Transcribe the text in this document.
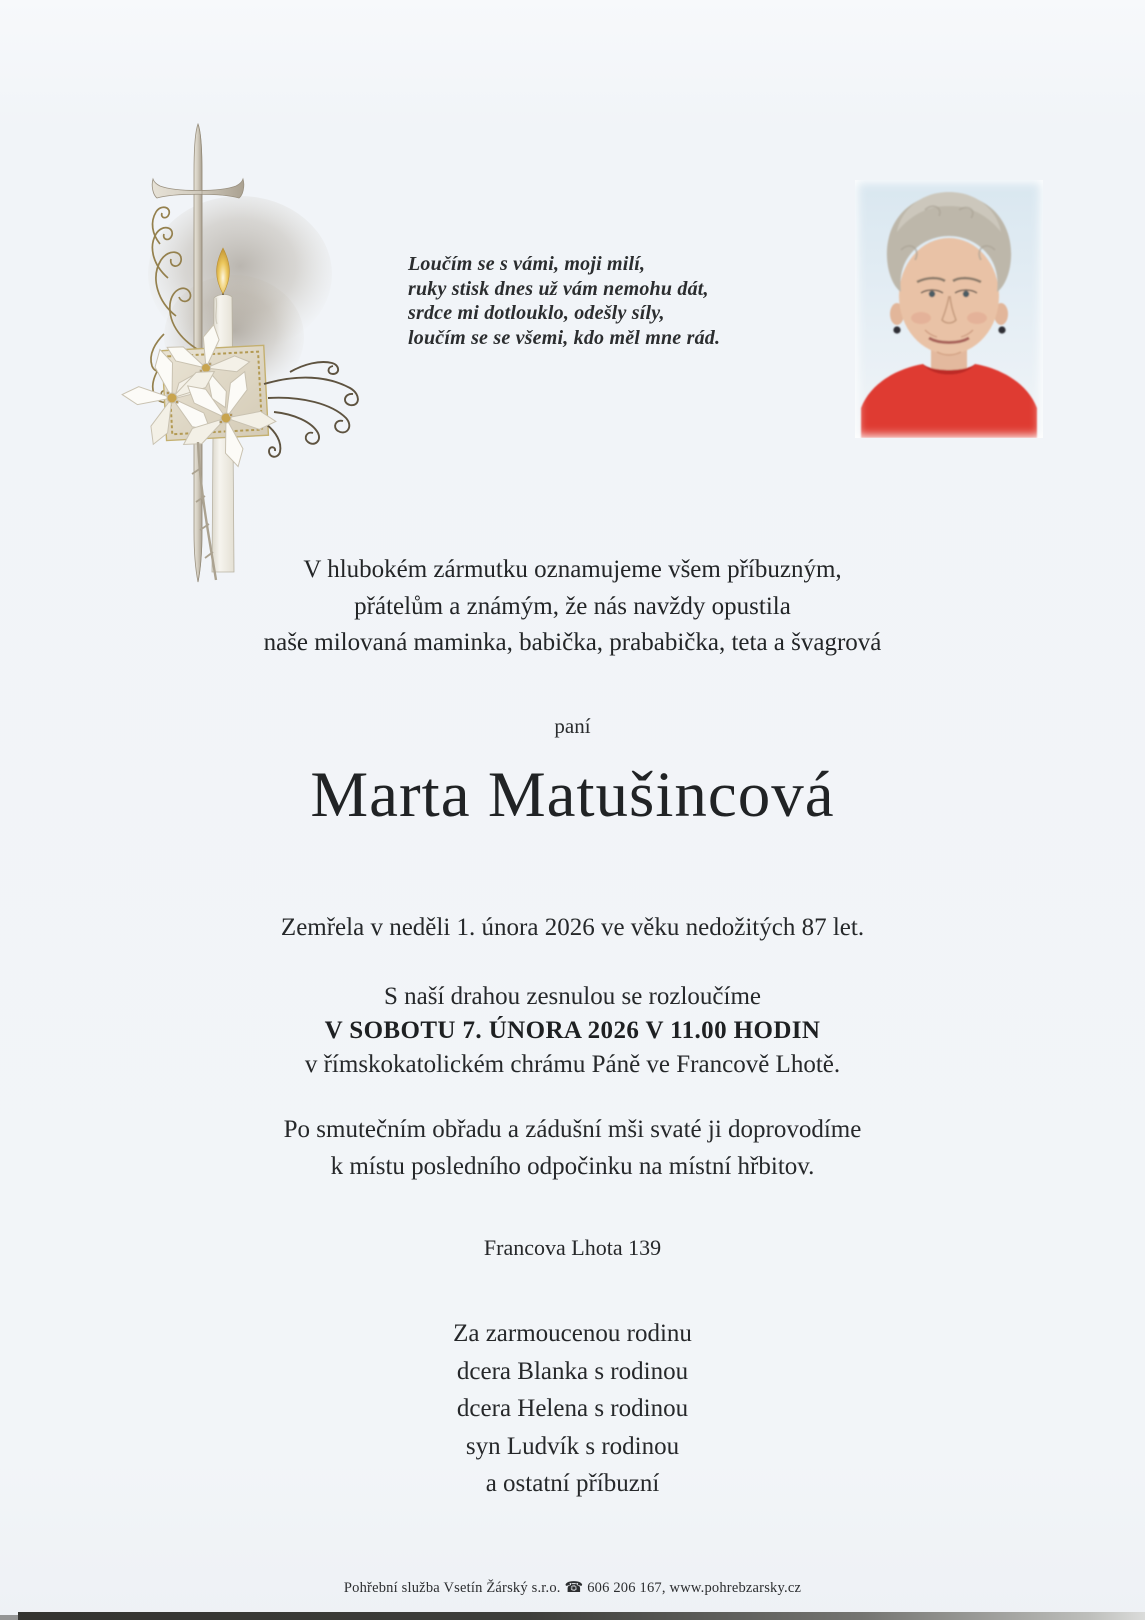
Loučím se s vámi, moji milí,
ruky stisk dnes už vám nemohu dát,
srdce mi dotlouklo, odešly síly,
loučím se se všemi, kdo měl mne rád.
V hlubokém zármutku oznamujeme všem příbuzným,
přátelům a známým, že nás navždy opustila
naše milovaná maminka, babička, prababička, teta a švagrová
paní
Marta Matušincová
Zemřela v neděli 1. února 2026 ve věku nedožitých 87 let.
S naší drahou zesnulou se rozloučíme
V SOBOTU 7. ÚNORA 2026 V 11.00 HODIN
v římskokatolickém chrámu Páně ve Francově Lhotě.
Po smutečním obřadu a zádušní mši svaté ji doprovodíme
k místu posledního odpočinku na místní hřbitov.
Francova Lhota 139
Za zarmoucenou rodinu
dcera Blanka s rodinou
dcera Helena s rodinou
syn Ludvík s rodinou
a ostatní příbuzní
Pohřební služba Vsetín Žárský s.r.o. ☎ 606 206 167, www.pohrebzarsky.cz
